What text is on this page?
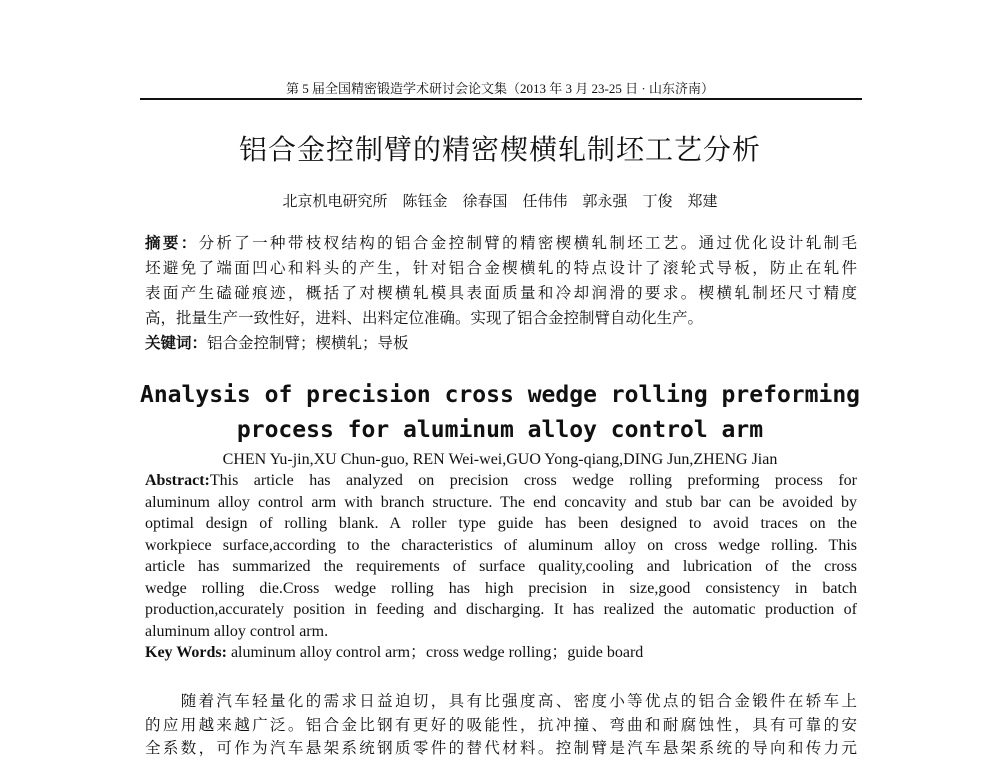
第 5 届全国精密锻造学术研讨会论文集（2013 年 3 月 23-25 日 · 山东济南）
铝合金控制臂的精密楔横轧制坯工艺分析
北京机电研究所　陈钰金　徐春国　任伟伟　郭永强　丁俊　郑建
摘要：分析了一种带枝杈结构的铝合金控制臂的精密楔横轧制坯工艺。通过优化设计轧制毛
坯避免了端面凹心和料头的产生，针对铝合金楔横轧的特点设计了滚轮式导板，防止在轧件
表面产生磕碰痕迹，概括了对楔横轧模具表面质量和冷却润滑的要求。楔横轧制坯尺寸精度
高，批量生产一致性好，进料、出料定位准确。实现了铝合金控制臂自动化生产。
关键词：铝合金控制臂；楔横轧；导板
Analysis of precision cross wedge rolling preforming
process for aluminum alloy control arm
CHEN Yu-jin,XU Chun-guo, REN Wei-wei,GUO Yong-qiang,DING Jun,ZHENG Jian
Abstract:This article has analyzed on precision cross wedge rolling preforming process for
aluminum alloy control arm with branch structure. The end concavity and stub bar can be avoided by
optimal design of rolling blank. A roller type guide has been designed to avoid traces on the
workpiece surface,according to the characteristics of aluminum alloy on cross wedge rolling. This
article has summarized the requirements of surface quality,cooling and lubrication of the cross
wedge rolling die.Cross wedge rolling has high precision in size,good consistency in batch
production,accurately position in feeding and discharging. It has realized the automatic production of
aluminum alloy control arm.
Key Words: aluminum alloy control arm；cross wedge rolling；guide board
　　随着汽车轻量化的需求日益迫切，具有比强度高、密度小等优点的铝合金锻件在轿车上
的应用越来越广泛。铝合金比钢有更好的吸能性，抗冲撞、弯曲和耐腐蚀性，具有可靠的安
全系数，可作为汽车悬架系统钢质零件的替代材料。控制臂是汽车悬架系统的导向和传力元
